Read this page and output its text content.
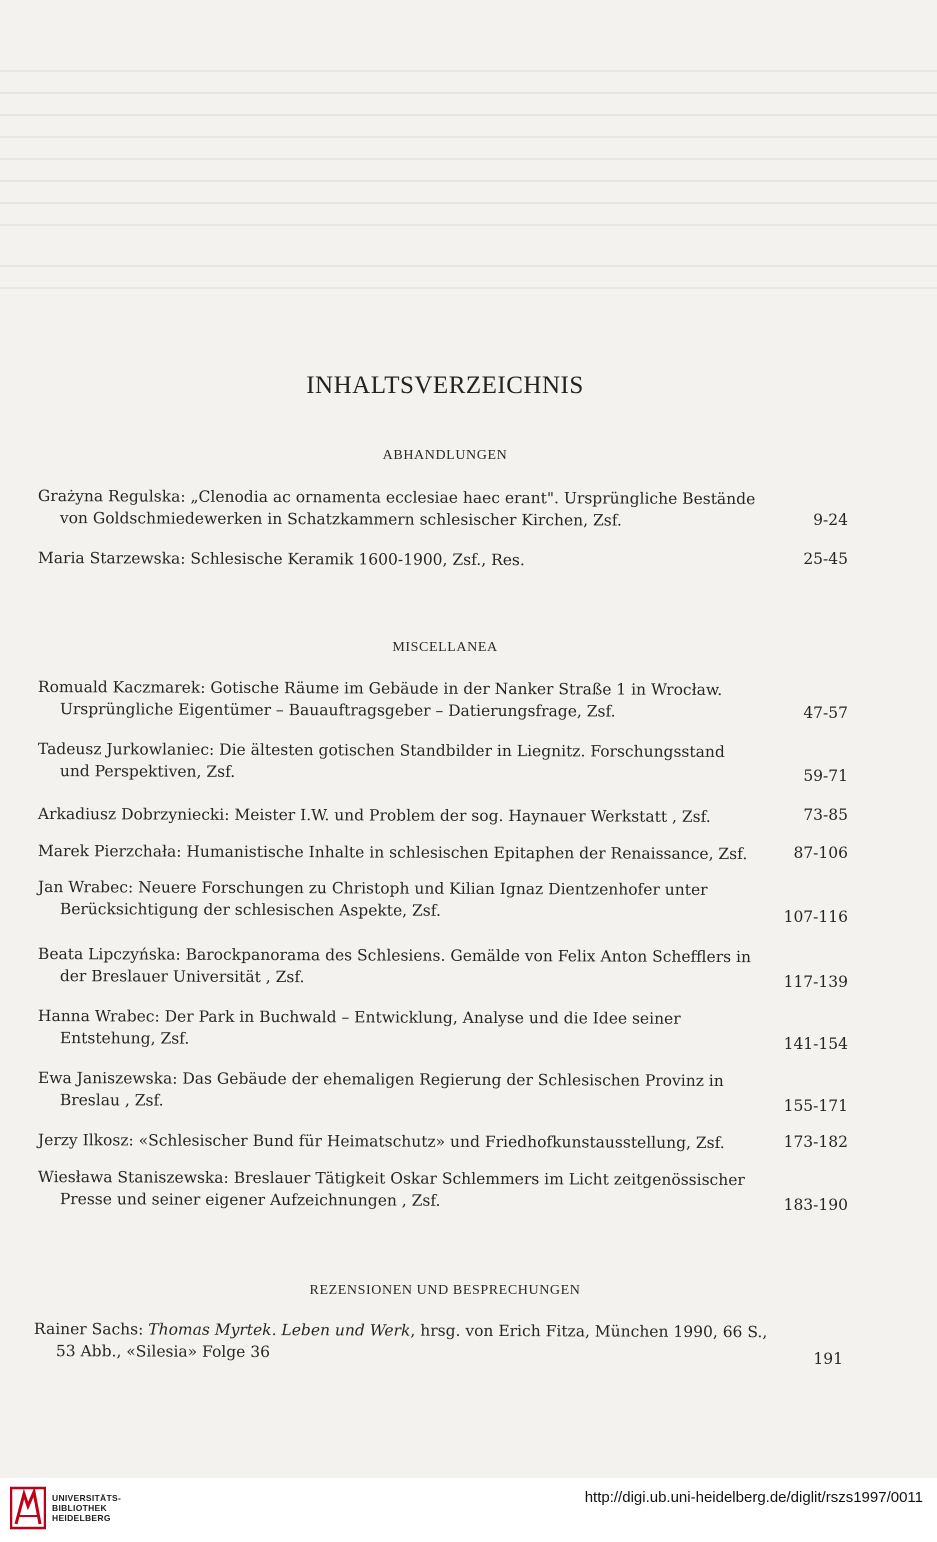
INHALTSVERZEICHNIS
ABHANDLUNGEN
Grażyna Regulska: „Clenodia ac ornamenta ecclesiae haec erant". Ursprüngliche Bestände
von Goldschmiedewerken in Schatzkammern schlesischer Kirchen, Zsf.	9-24
Maria Starzewska: Schlesische Keramik 1600-1900, Zsf., Res.	25-45
MISCELLANEA
Romuald Kaczmarek: Gotische Räume im Gebäude in der Nanker Straße 1 in Wrocław.
Ursprüngliche Eigentümer – Bauauftragsgeber – Datierungsfrage, Zsf.	47-57
Tadeusz Jurkowlaniec: Die ältesten gotischen Standbilder in Liegnitz. Forschungsstand
und Perspektiven, Zsf.	59-71
Arkadiusz Dobrzyniecki: Meister I.W. und Problem der sog. Haynauer Werkstatt , Zsf.	73-85
Marek Pierzchała: Humanistische Inhalte in schlesischen Epitaphen der Renaissance, Zsf.	87-106
Jan Wrabec: Neuere Forschungen zu Christoph und Kilian Ignaz Dientzenhofer unter
Berücksichtigung der schlesischen Aspekte, Zsf.	107-116
Beata Lipczyńska: Barockpanorama des Schlesiens. Gemälde von Felix Anton Schefflers in
der Breslauer Universität , Zsf.	117-139
Hanna Wrabec: Der Park in Buchwald – Entwicklung, Analyse und die Idee seiner
Entstehung, Zsf.	141-154
Ewa Janiszewska: Das Gebäude der ehemaligen Regierung der Schlesischen Provinz in
Breslau , Zsf.	155-171
Jerzy Ilkosz: «Schlesischer Bund für Heimatschutz» und Friedhofkunstausstellung, Zsf.	173-182
Wiesława Staniszewska: Breslauer Tätigkeit Oskar Schlemmers im Licht zeitgenössischer
Presse und seiner eigener Aufzeichnungen , Zsf.	183-190
REZENSIONEN UND BESPRECHUNGEN
Rainer Sachs: Thomas Myrtek. Leben und Werk, hrsg. von Erich Fitza, München 1990, 66 S.,
53 Abb., «Silesia» Folge 36	191
UNIVERSITÄTS-
BIBLIOTHEK
HEIDELBERG
http://digi.ub.uni-heidelberg.de/diglit/rszs1997/0011
